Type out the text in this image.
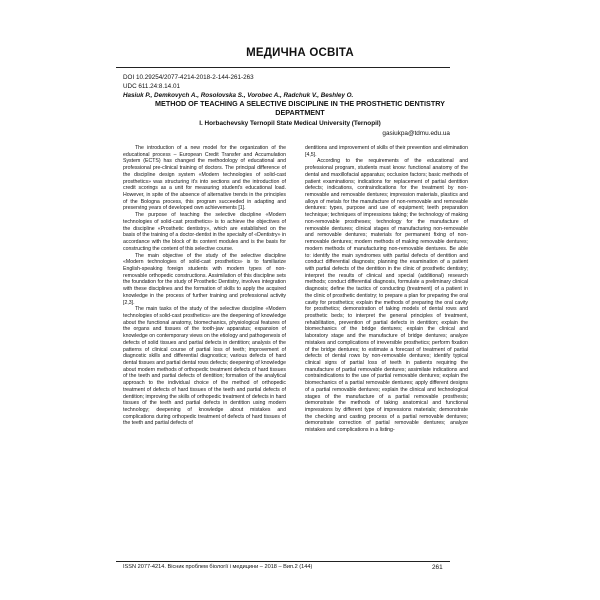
МЕДИЧНА ОСВІТА
DOI 10.29254/2077-4214-2018-2-144-261-263
UDC 611.24:8.14.01
Hasiuk P., Demkovych A., Rosolovska S., Vorobec A., Radchuk V., Beshley O.
METHOD OF TEACHING A SELECTIVE DISCIPLINE IN THE PROSTHETIC DENTISTRY DEPARTMENT
I. Horbachevsky Ternopil State Medical University (Ternopil)
gasiukpa@tdmu.edu.ua

The introduction of a new model for the organization of the educational process – European Credit Transfer and Accumulation System (ECTS) has changed the methodology of educational and professional pre-clinical training of doctors. The principal difference of the discipline design system «Modern technologies of solid-cast prosthetics» was structuring it's into sections and the introduction of credit scorings as a unit for measuring student's educational load. However, in spite of the absence of alternative trends in the principles of the Bologna process, this program succeeded in adapting and preserving years of developed own achievements [1].

The purpose of teaching the selective discipline «Modern technologies of solid-cast prosthetics» is to achieve the objectives of the discipline «Prosthetic dentistry», which are established on the basis of the training of a doctor-dentist in the specialty of «Dentistry» in accordance with the block of its content modules and is the basis for constructing the content of this selective course.

The main objective of the study of the selective discipline «Modern technologies of solid-cast prosthetics» is to familiarize English-speaking foreign students with modern types of non-removable orthopedic constructions. Assimilation of this discipline sets the foundation for the study of Prosthetic Dentistry, involves integration with these disciplines and the formation of skills to apply the acquired knowledge in the process of further training and professional activity [2,3].

The main tasks of the study of the selective discipline «Modern technologies of solid-cast prosthetics» are the deepening of knowledge about the functional anatomy, biomechanics, physiological features of the organs and tissues of the tooth-jaw apparatus; expansion of knowledge on contemporary views on the etiology and pathogenesis of defects of solid tissues and partial defects in dentition; analysis of the patterns of clinical course of partial loss of teeth; improvement of diagnostic skills and differential diagnostics; various defects of hard dental tissues and partial dental rows defects; deepening of knowledge about modern methods of orthopedic treatment defects of hard tissues of the teeth and partial defects of dentition; formation of the analytical approach to the individual choice of the method of orthopedic treatment of defects of hard tissues of the teeth and partial defects of dentition; improving the skills of orthopedic treatment of defects in hard tissues of the teeth and partial defects in dentition using modern technology; deepening of knowledge about mistakes and complications during orthopedic treatment of defects of hard tissues of the teeth and partial defects of

dentitions and improvement of skills of their prevention and elimination [4,5].

According to the requirements of the educational and professional program, students must know: functional anatomy of the dental and maxillofacial apparatus; occlusion factors; basic methods of patient examinations; indications for replacement of partial dentition defects; indications, contraindications for the treatment by non-removable and removable dentures; impression materials, plastics and alloys of metals for the manufacture of non-removable and removable dentures: types, purpose and use of equipment; teeth preparation technique; techniques of impressions taking; the technology of making non-removable prostheses; technology for the manufacture of removable dentures; clinical stages of manufacturing non-removable and removable dentures; materials for permanent fixing of non-removable dentures; modern methods of making removable dentures; modern methods of manufacturing non-removable dentures. Be able to: identify the main syndromes with partial defects of dentition and conduct differential diagnosis; planning the examination of a patient with partial defects of the dentition in the clinic of prosthetic dentistry; interpret the results of clinical and special (additional) research methods; conduct differential diagnosis, formulate a preliminary clinical diagnosis; define the tactics of conducting (treatment) of a patient in the clinic of prosthetic dentistry; to prepare a plan for preparing the oral cavity for prosthetics; explain the methods of preparing the oral cavity for prosthetics; demonstration of taking models of dental rows and prosthetic beds; to interpret the general principles of treatment, rehabilitation, prevention of partial defects in dentition; explain the biomechanics of the bridge dentures; explain the clinical and laboratory stage and the manufacture of bridge dentures; analyze mistakes and complications of irreversible prosthetics; perform fixation of the bridge dentures; to estimate a forecast of treatment of partial defects of dental rows by non-removable dentures; identify typical clinical signs of partial loss of teeth in patients requiring the manufacture of partial removable dentures; assimilate indications and contraindications to the use of partial removable dentures; explain the biomechanics of a partial removable dentures; apply different designs of a partial removable dentures; explain the clinical and technological stages of the manufacture of a partial removable prosthesis; demonstrate the methods of taking anatomical and functional impressions by different type of impressions materials; demonstrate the checking and casting process of a partial removable dentures; demonstrate correction of partial removable dentures; analyze mistakes and complications in a listing-

ISSN 2077-4214. Вісник проблем біології і медицини – 2018 – Вип.2 (144)	261
